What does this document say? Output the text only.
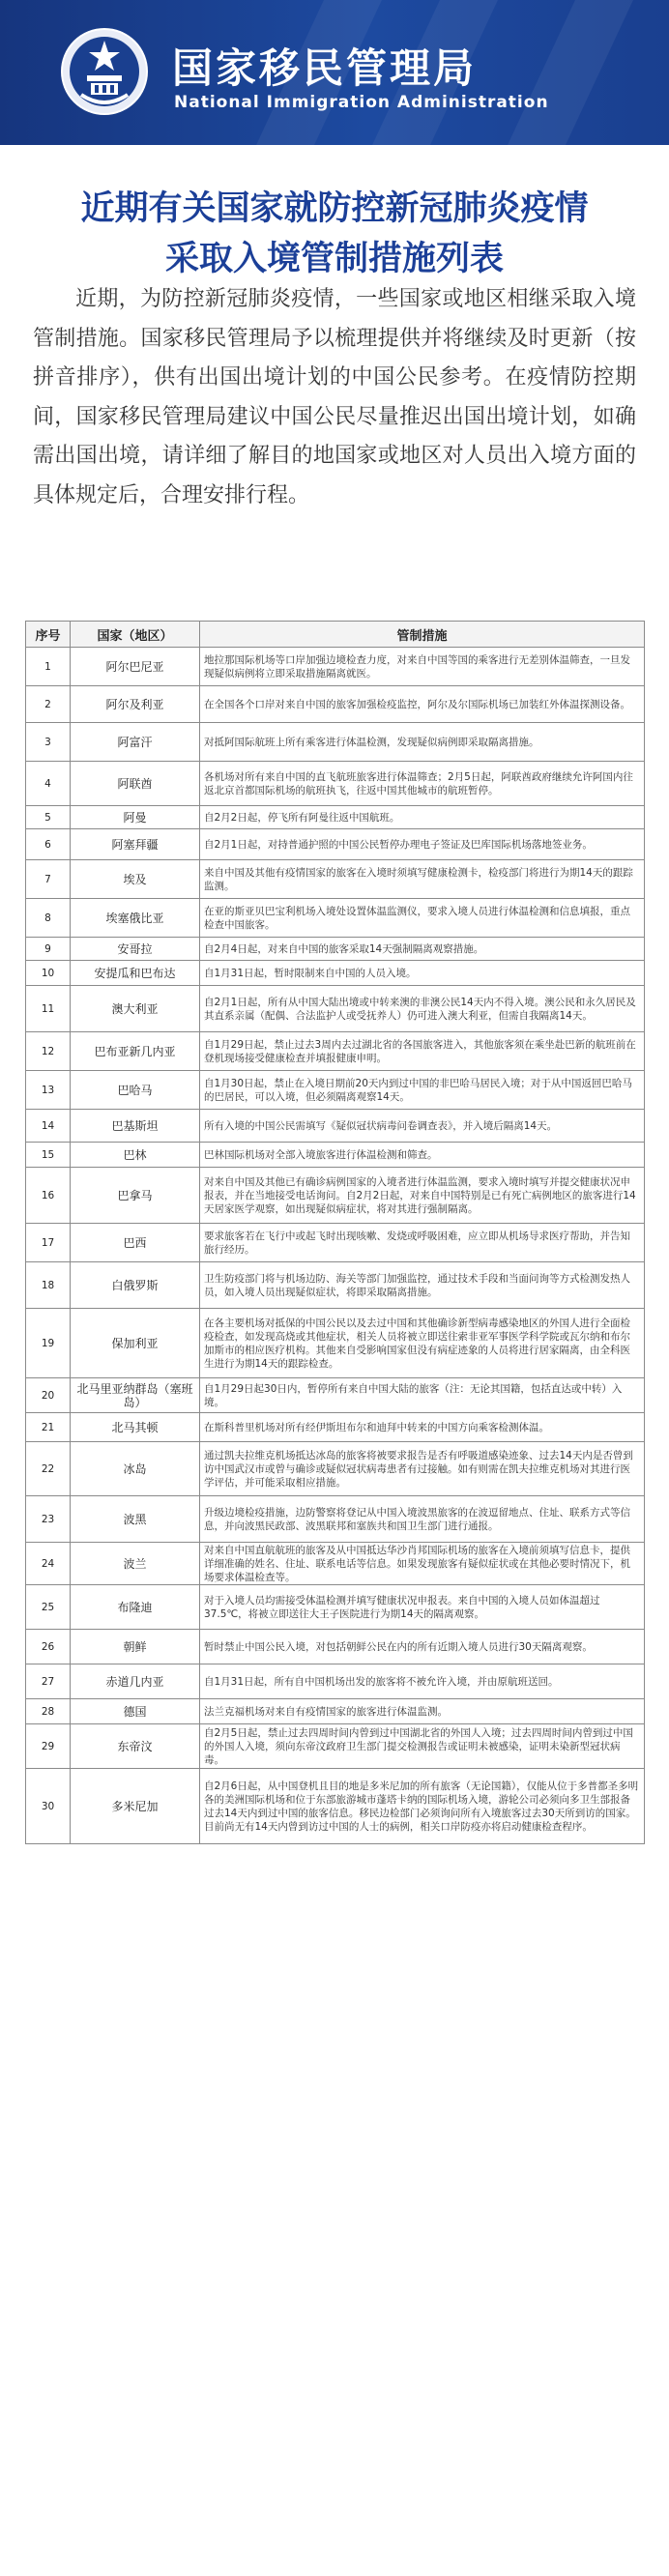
国家移民管理局
National Immigration Administration
近期有关国家就防控新冠肺炎疫情
采取入境管制措施列表
近期，为防控新冠肺炎疫情，一些国家或地区相继采取入境管制措施。国家移民管理局予以梳理提供并将继续及时更新（按拼音排序），供有出国出境计划的中国公民参考。在疫情防控期间，国家移民管理局建议中国公民尽量推迟出国出境计划，如确需出国出境，请详细了解目的地国家或地区对人员出入境方面的具体规定后，合理安排行程。
序号	国家（地区）	管制措施
1	阿尔巴尼亚	地拉那国际机场等口岸加强边境检查力度，对来自中国等国的乘客进行无差别体温筛查，一旦发现疑似病例将立即采取措施隔离就医。
2	阿尔及利亚	在全国各个口岸对来自中国的旅客加强检疫监控，阿尔及尔国际机场已加装红外体温探测设备。
3	阿富汗	对抵阿国际航班上所有乘客进行体温检测，发现疑似病例即采取隔离措施。
4	阿联酋	各机场对所有来自中国的直飞航班旅客进行体温筛查；2月5日起，阿联酋政府继续允许阿国内往返北京首都国际机场的航班执飞，往返中国其他城市的航班暂停。
5	阿曼	自2月2日起，停飞所有阿曼往返中国航班。
6	阿塞拜疆	自2月1日起，对持普通护照的中国公民暂停办理电子签证及巴库国际机场落地签业务。
7	埃及	来自中国及其他有疫情国家的旅客在入境时须填写健康检测卡，检疫部门将进行为期14天的跟踪监测。
8	埃塞俄比亚	在亚的斯亚贝巴宝利机场入境处设置体温监测仪，要求入境人员进行体温检测和信息填报，重点检查中国旅客。
9	安哥拉	自2月4日起，对来自中国的旅客采取14天强制隔离观察措施。
10	安提瓜和巴布达	自1月31日起，暂时限制来自中国的人员入境。
11	澳大利亚	自2月1日起，所有从中国大陆出境或中转来澳的非澳公民14天内不得入境。澳公民和永久居民及其直系亲属（配偶、合法监护人或受抚养人）仍可进入澳大利亚，但需自我隔离14天。
12	巴布亚新几内亚	自1月29日起，禁止过去3周内去过湖北省的各国旅客进入，其他旅客须在乘坐赴巴新的航班前在登机现场接受健康检查并填报健康申明。
13	巴哈马	自1月30日起，禁止在入境日期前20天内到过中国的非巴哈马居民入境；对于从中国返回巴哈马的巴居民，可以入境，但必须隔离观察14天。
14	巴基斯坦	所有入境的中国公民需填写《疑似冠状病毒问卷调查表》，并入境后隔离14天。
15	巴林	巴林国际机场对全部入境旅客进行体温检测和筛查。
16	巴拿马	对来自中国及其他已有确诊病例国家的入境者进行体温监测，要求入境时填写并提交健康状况申报表，并在当地接受电话询问。自2月2日起，对来自中国特别是已有死亡病例地区的旅客进行14天居家医学观察，如出现疑似病症状，将对其进行强制隔离。
17	巴西	要求旅客若在飞行中或起飞时出现咳嗽、发烧或呼吸困难，应立即从机场导求医疗帮助，并告知旅行经历。
18	白俄罗斯	卫生防疫部门将与机场边防、海关等部门加强监控，通过技术手段和当面问询等方式检测发热人员，如入境人员出现疑似症状，将即采取隔离措施。
19	保加利亚	在各主要机场对抵保的中国公民以及去过中国和其他确诊新型病毒感染地区的外国人进行全面检疫检查，如发现高烧或其他症状，相关人员将被立即送往索非亚军事医学科学院或瓦尔纳和布尔加斯市的相应医疗机构。其他来自受影响国家但没有病症迹象的人员将进行居家隔离，由全科医生进行为期14天的跟踪检查。
20	北马里亚纳群岛（塞班岛）	自1月29日起30日内，暂停所有来自中国大陆的旅客（注：无论其国籍，包括直达或中转）入境。
21	北马其顿	在斯科普里机场对所有经伊斯坦布尔和迪拜中转来的中国方向乘客检测体温。
22	冰岛	通过凯夫拉维克机场抵达冰岛的旅客将被要求报告是否有呼吸道感染迹象、过去14天内是否曾到访中国武汉市或曾与确诊或疑似冠状病毒患者有过接触。如有则需在凯夫拉维克机场对其进行医学评估，并可能采取相应措施。
23	波黑	升级边境检疫措施，边防警察将登记从中国入境波黑旅客的在波逗留地点、住址、联系方式等信息，并向波黑民政部、波黑联邦和塞族共和国卫生部门进行通报。
24	波兰	对来自中国直航航班的旅客及从中国抵达华沙肖邦国际机场的旅客在入境前须填写信息卡，提供详细准确的姓名、住址、联系电话等信息。如果发现旅客有疑似症状或在其他必要时情况下，机场要求体温检查等。
25	布隆迪	对于入境人员均需接受体温检测并填写健康状况申报表。来自中国的入境人员如体温超过37.5℃，将被立即送往大王子医院进行为期14天的隔离观察。
26	朝鲜	暂时禁止中国公民入境，对包括朝鲜公民在内的所有近期入境人员进行30天隔离观察。
27	赤道几内亚	自1月31日起，所有自中国机场出发的旅客将不被允许入境，并由原航班送回。
28	德国	法兰克福机场对来自有疫情国家的旅客进行体温监测。
29	东帝汶	自2月5日起，禁止过去四周时间内曾到过中国湖北省的外国人入境；过去四周时间内曾到过中国的外国人入境，须向东帝汶政府卫生部门提交检测报告或证明未被感染，证明未染新型冠状病毒。
30	多米尼加	自2月6日起，从中国登机且目的地是多米尼加的所有旅客（无论国籍），仅能从位于多普都圣多明各的美洲国际机场和位于东部旅游城市蓬塔卡纳的国际机场入境，游轮公司必须向多卫生部报备过去14天内到过中国的旅客信息。移民边检部门必须询问所有入境旅客过去30天所到访的国家。目前尚无有14天内曾到访过中国的人士的病例，相关口岸防疫亦将启动健康检查程序。
